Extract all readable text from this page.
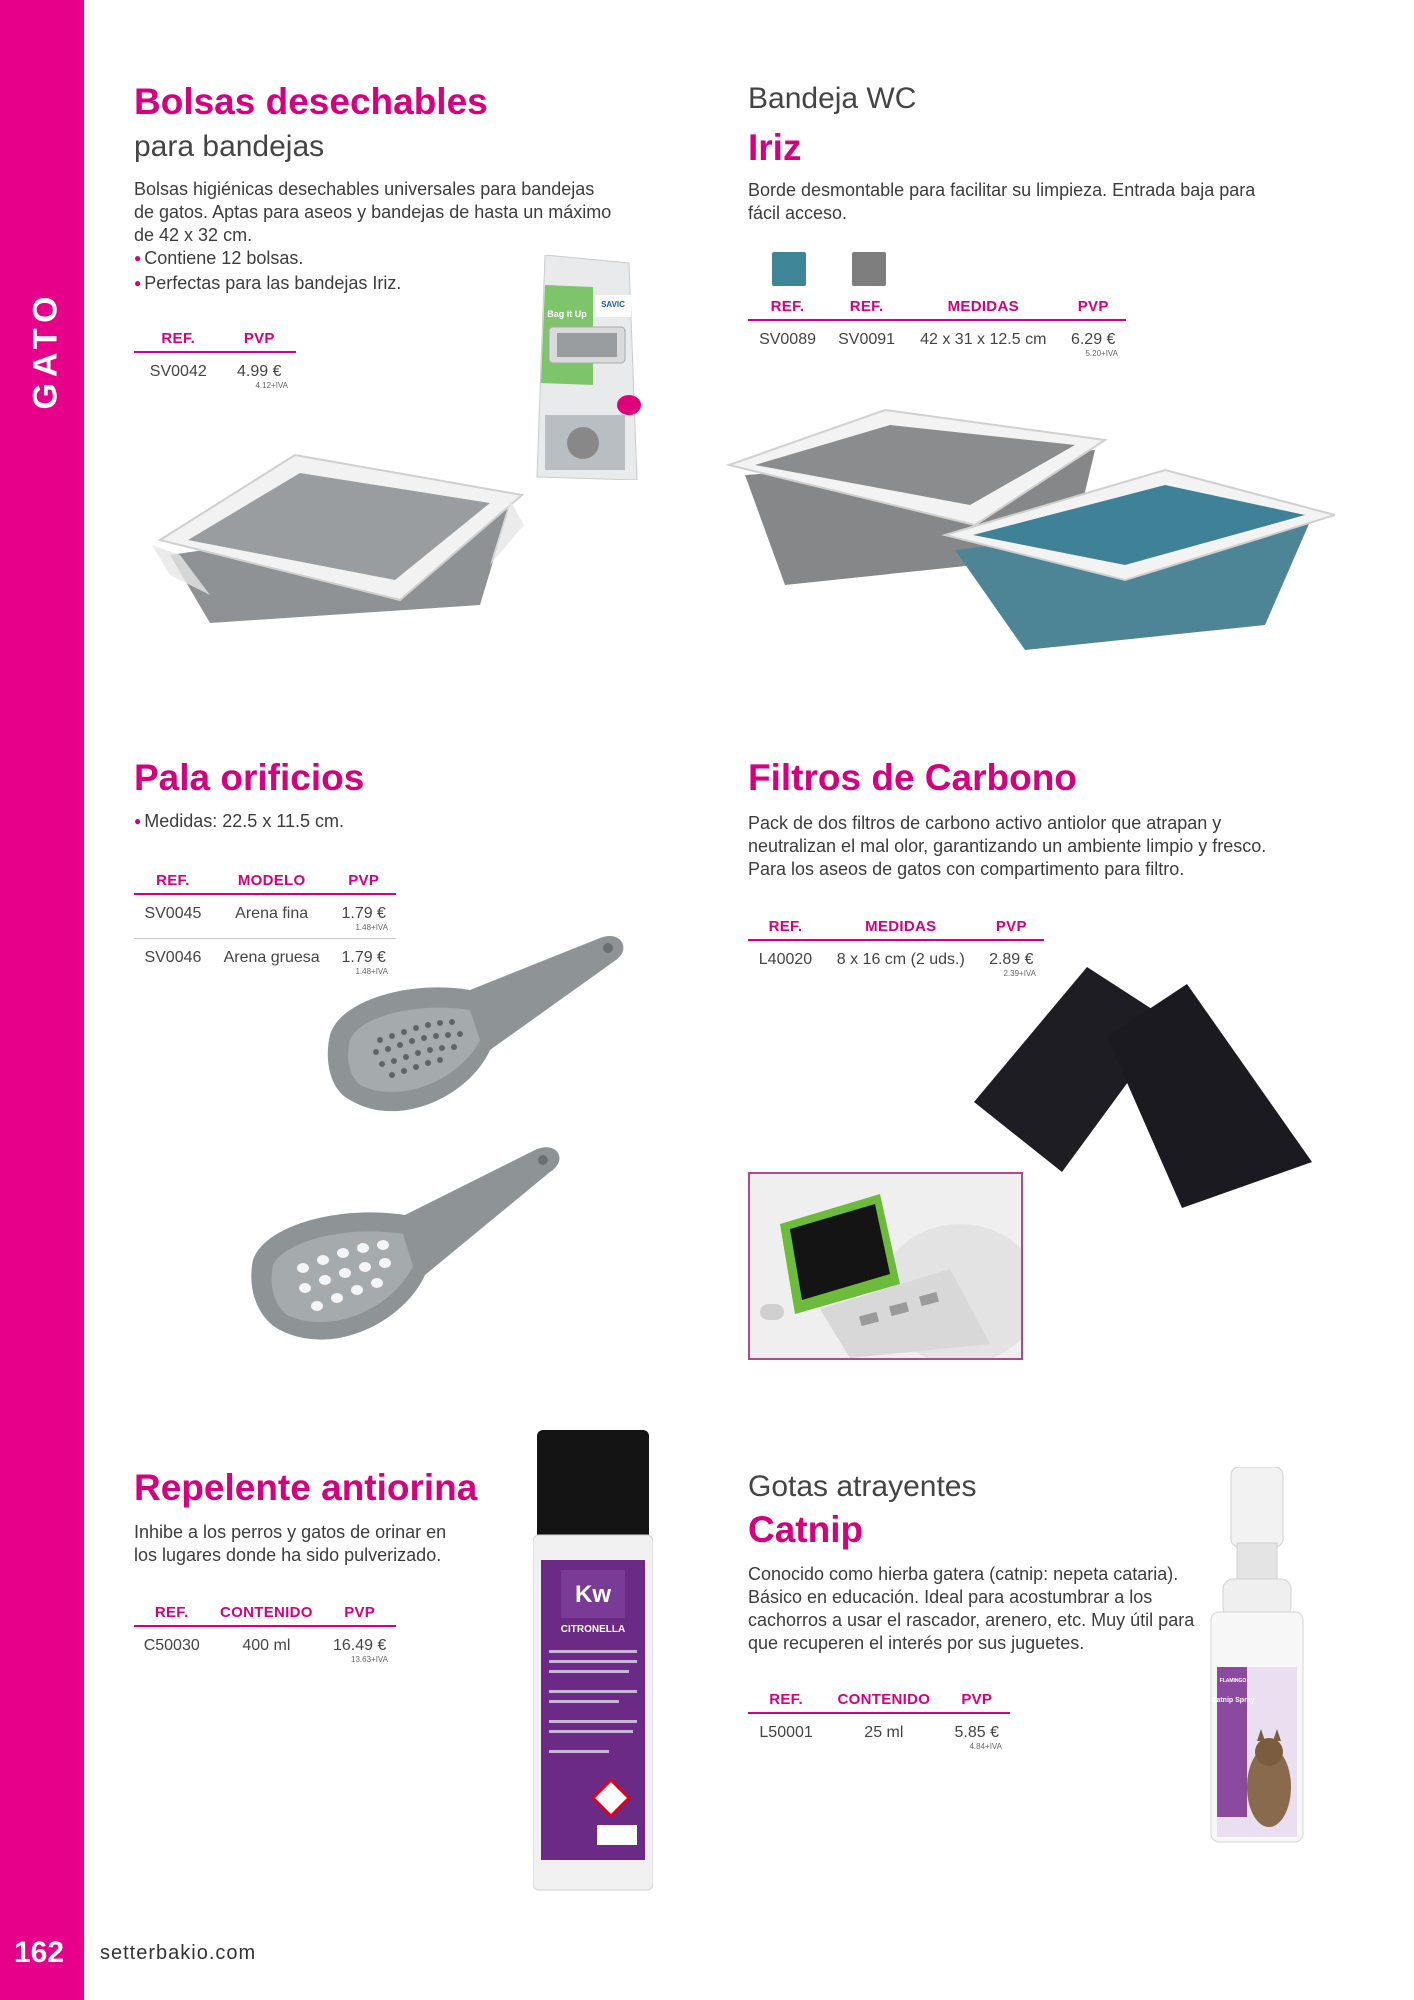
GATO
162 setterbakio.com
Bolsas desechables
para bandejas
Bolsas higiénicas desechables universales para bandejas de gatos. Aptas para aseos y bandejas de hasta un máximo de 42 x 32 cm.
● Contiene 12 bolsas.
● Perfectas para las bandejas Iriz.
REF.	PVP
SV0042	4.99 €
4.12+IVA
SAVIC
Bag it Up
Bandeja WC
Iriz
Borde desmontable para facilitar su limpieza. Entrada baja para fácil acceso.
REF.	REF.	MEDIDAS	PVP
SV0089	SV0091	42 x 31 x 12.5 cm	6.29 €
5.20+IVA
Pala orificios
● Medidas: 22.5 x 11.5 cm.
REF.	MODELO	PVP
SV0045	Arena fina	1.79 €
1.48+IVA

SV0046	Arena gruesa	1.79 €
1.48+IVA
Filtros de Carbono
Pack de dos filtros de carbono activo antiolor que atrapan y neutralizan el mal olor, garantizando un ambiente limpio y fresco. Para los aseos de gatos con compartimento para filtro.
REF.	MEDIDAS	PVP
L40020	8 x 16 cm (2 uds.)	2.89 €
2.39+IVA
Repelente antiorina
Inhibe a los perros y gatos de orinar en los lugares donde ha sido pulverizado.
REF.	CONTENIDO	PVP
C50030	400 ml	16.49 €
13.63+IVA
Kw
CITRONELLA
Gotas atrayentes
Catnip
Conocido como hierba gatera (catnip: nepeta cataria). Básico en educación. Ideal para acostumbrar a los cachorros a usar el rascador, arenero, etc. Muy útil para que recuperen el interés por sus juguetes.
REF.	CONTENIDO	PVP
L50001	25 ml	5.85 €
4.84+IVA
FLAMINGO
Catnip Spray
